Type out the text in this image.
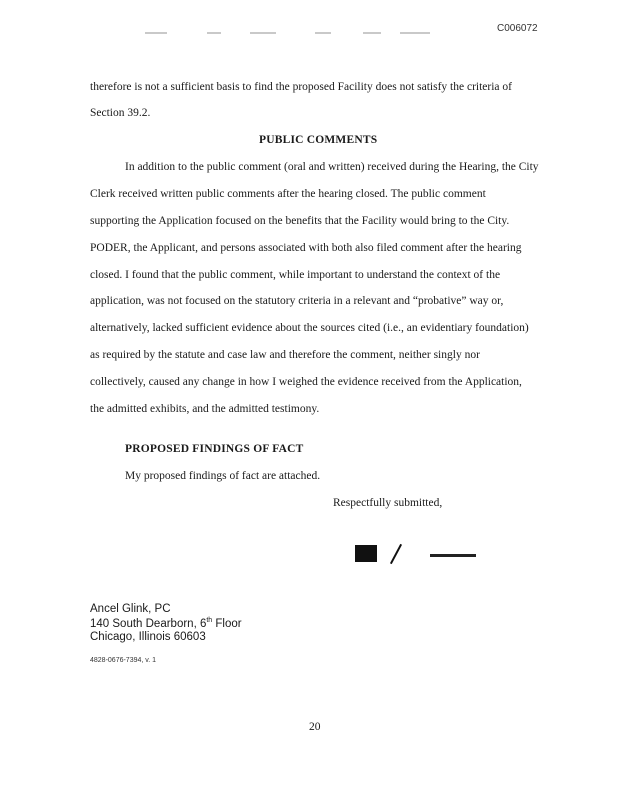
C006072
therefore is not a sufficient basis to find the proposed Facility does not satisfy the criteria of
Section 39.2.
PUBLIC COMMENTS
In addition to the public comment (oral and written) received during the Hearing, the City
Clerk received written public comments after the hearing closed. The public comment
supporting the Application focused on the benefits that the Facility would bring to the City.
PODER, the Applicant, and persons associated with both also filed comment after the hearing
closed. I found that the public comment, while important to understand the context of the
application, was not focused on the statutory criteria in a relevant and “probative” way or,
alternatively, lacked sufficient evidence about the sources cited (i.e., an evidentiary foundation)
as required by the statute and case law and therefore the comment, neither singly nor
collectively, caused any change in how I weighed the evidence received from the Application,
the admitted exhibits, and the admitted testimony.
PROPOSED FINDINGS OF FACT
My proposed findings of fact are attached.
Respectfully submitted,
Ancel Glink, PC
140 South Dearborn, 6th Floor
Chicago, Illinois 60603
4828-0676-7394, v. 1
20
